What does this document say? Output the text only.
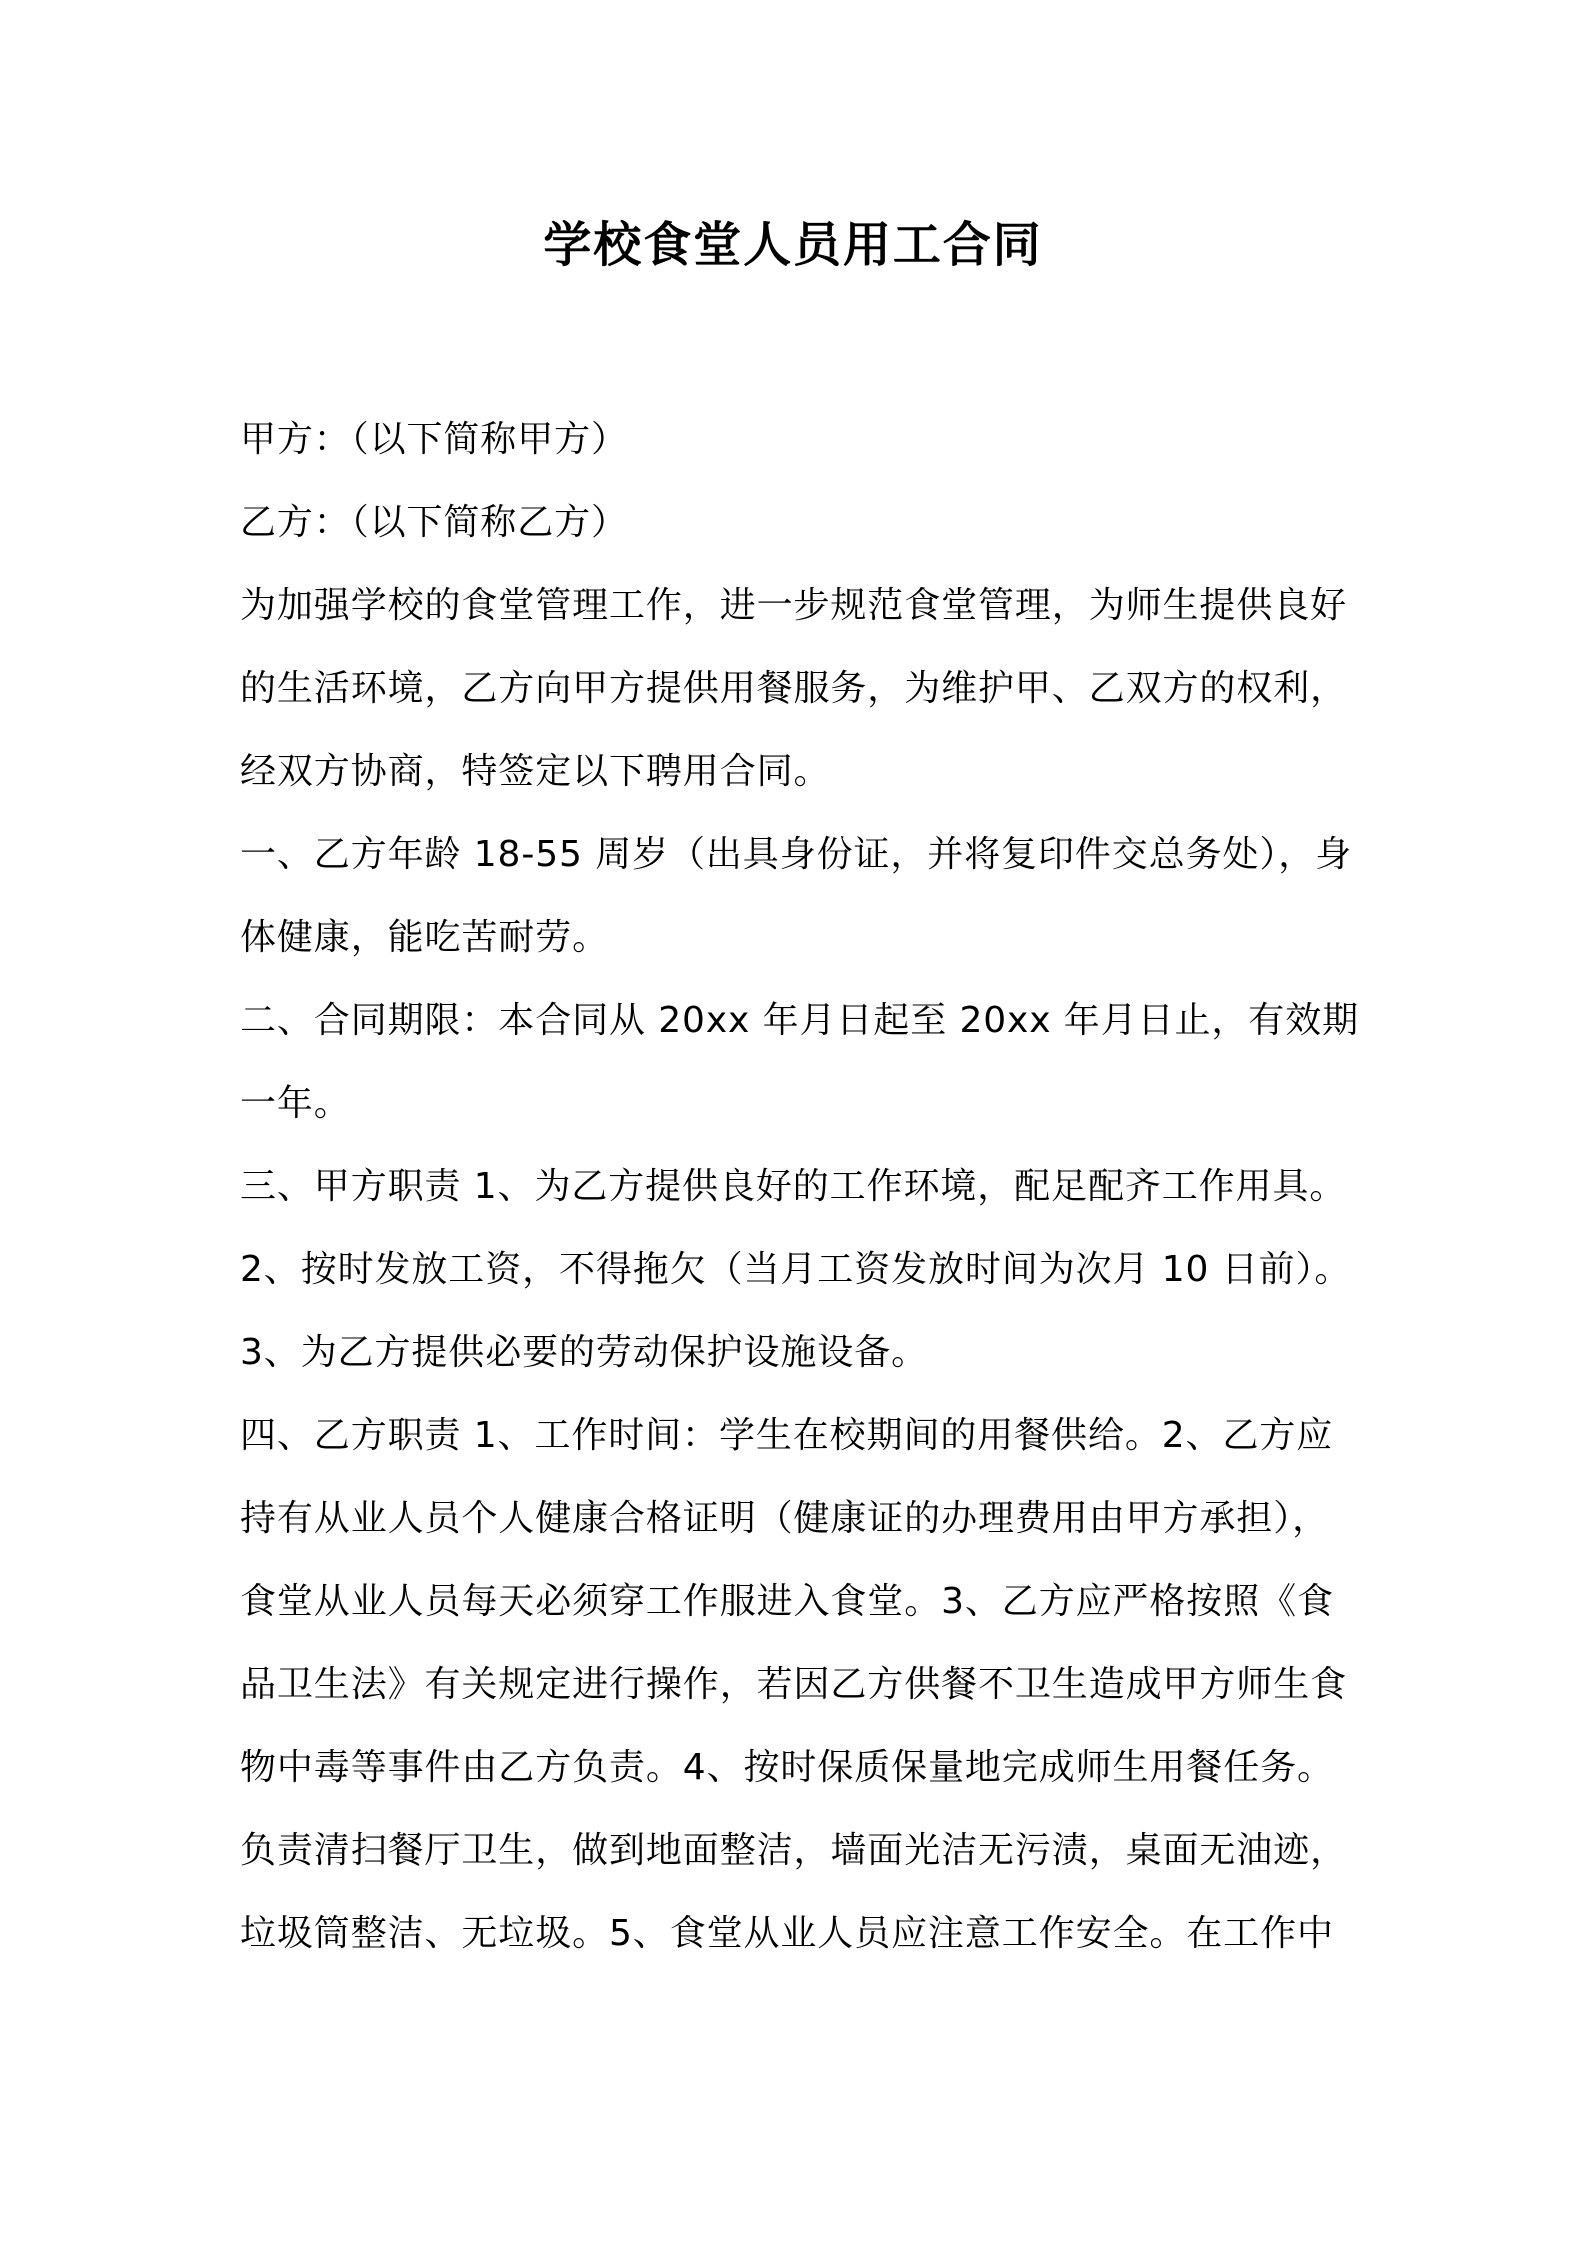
学校食堂人员用工合同
甲方：（以下简称甲方）
乙方：（以下简称乙方）
为加强学校的食堂管理工作，进一步规范食堂管理，为师生提供良好
的生活环境，乙方向甲方提供用餐服务，为维护甲、乙双方的权利，
经双方协商，特签定以下聘用合同。
一、乙方年龄 18-55 周岁（出具身份证，并将复印件交总务处），身
体健康，能吃苦耐劳。
二、合同期限：本合同从 20xx 年月日起至 20xx 年月日止，有效期
一年。
三、甲方职责 1、为乙方提供良好的工作环境，配足配齐工作用具。
2、按时发放工资，不得拖欠（当月工资发放时间为次月 10 日前）。
3、为乙方提供必要的劳动保护设施设备。
四、乙方职责 1、工作时间：学生在校期间的用餐供给。2、乙方应
持有从业人员个人健康合格证明（健康证的办理费用由甲方承担），
食堂从业人员每天必须穿工作服进入食堂。3、乙方应严格按照《食
品卫生法》有关规定进行操作，若因乙方供餐不卫生造成甲方师生食
物中毒等事件由乙方负责。4、按时保质保量地完成师生用餐任务。
负责清扫餐厅卫生，做到地面整洁，墙面光洁无污渍，桌面无油迹，
垃圾筒整洁、无垃圾。5、食堂从业人员应注意工作安全。在工作中
